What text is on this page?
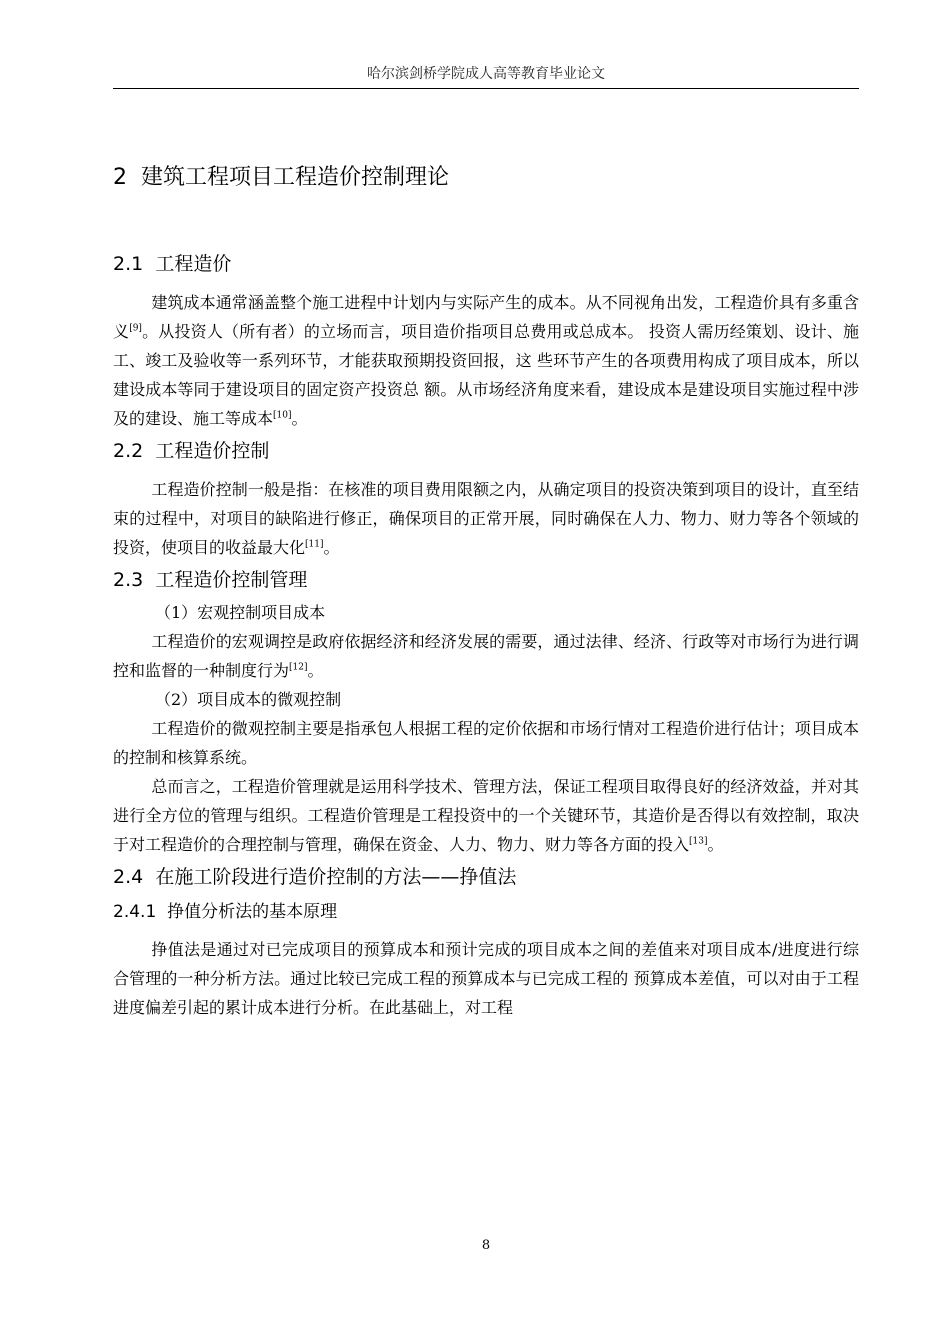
哈尔滨剑桥学院成人高等教育毕业论文
2 建筑工程项目工程造价控制理论
2.1 工程造价

建筑成本通常涵盖整个施工进程中计划内与实际产生的成本。从不同视角出发，工程造价具有多重含义[9]。从投资人（所有者）的立场而言，项目造价指项目总费用或总成本。 投资人需历经策划、设计、施工、竣工及验收等一系列环节，才能获取预期投资回报，这 些环节产生的各项费用构成了项目成本，所以建设成本等同于建设项目的固定资产投资总 额。从市场经济角度来看，建设成本是建设项目实施过程中涉及的建设、施工等成本[10]。

2.2 工程造价控制

工程造价控制一般是指：在核准的项目费用限额之内，从确定项目的投资决策到项目的设计，直至结束的过程中，对项目的缺陷进行修正，确保项目的正常开展，同时确保在人力、物力、财力等各个领域的投资，使项目的收益最大化[11]。

2.3 工程造价控制管理

（1）宏观控制项目成本

工程造价的宏观调控是政府依据经济和经济发展的需要，通过法律、经济、行政等对市场行为进行调控和监督的一种制度行为[12]。

（2）项目成本的微观控制

工程造价的微观控制主要是指承包人根据工程的定价依据和市场行情对工程造价进行估计；项目成本的控制和核算系统。

总而言之，工程造价管理就是运用科学技术、管理方法，保证工程项目取得良好的经济效益，并对其进行全方位的管理与组织。工程造价管理是工程投资中的一个关键环节，其造价是否得以有效控制，取决于对工程造价的合理控制与管理，确保在资金、人力、物力、财力等各方面的投入[13]。

2.4 在施工阶段进行造价控制的方法——挣值法
2.4.1 挣值分析法的基本原理

挣值法是通过对已完成项目的预算成本和预计完成的项目成本之间的差值来对项目成本/进度进行综合管理的一种分析方法。通过比较已完成工程的预算成本与已完成工程的 预算成本差值，可以对由于工程进度偏差引起的累计成本进行分析。在此基础上，对工程

8
